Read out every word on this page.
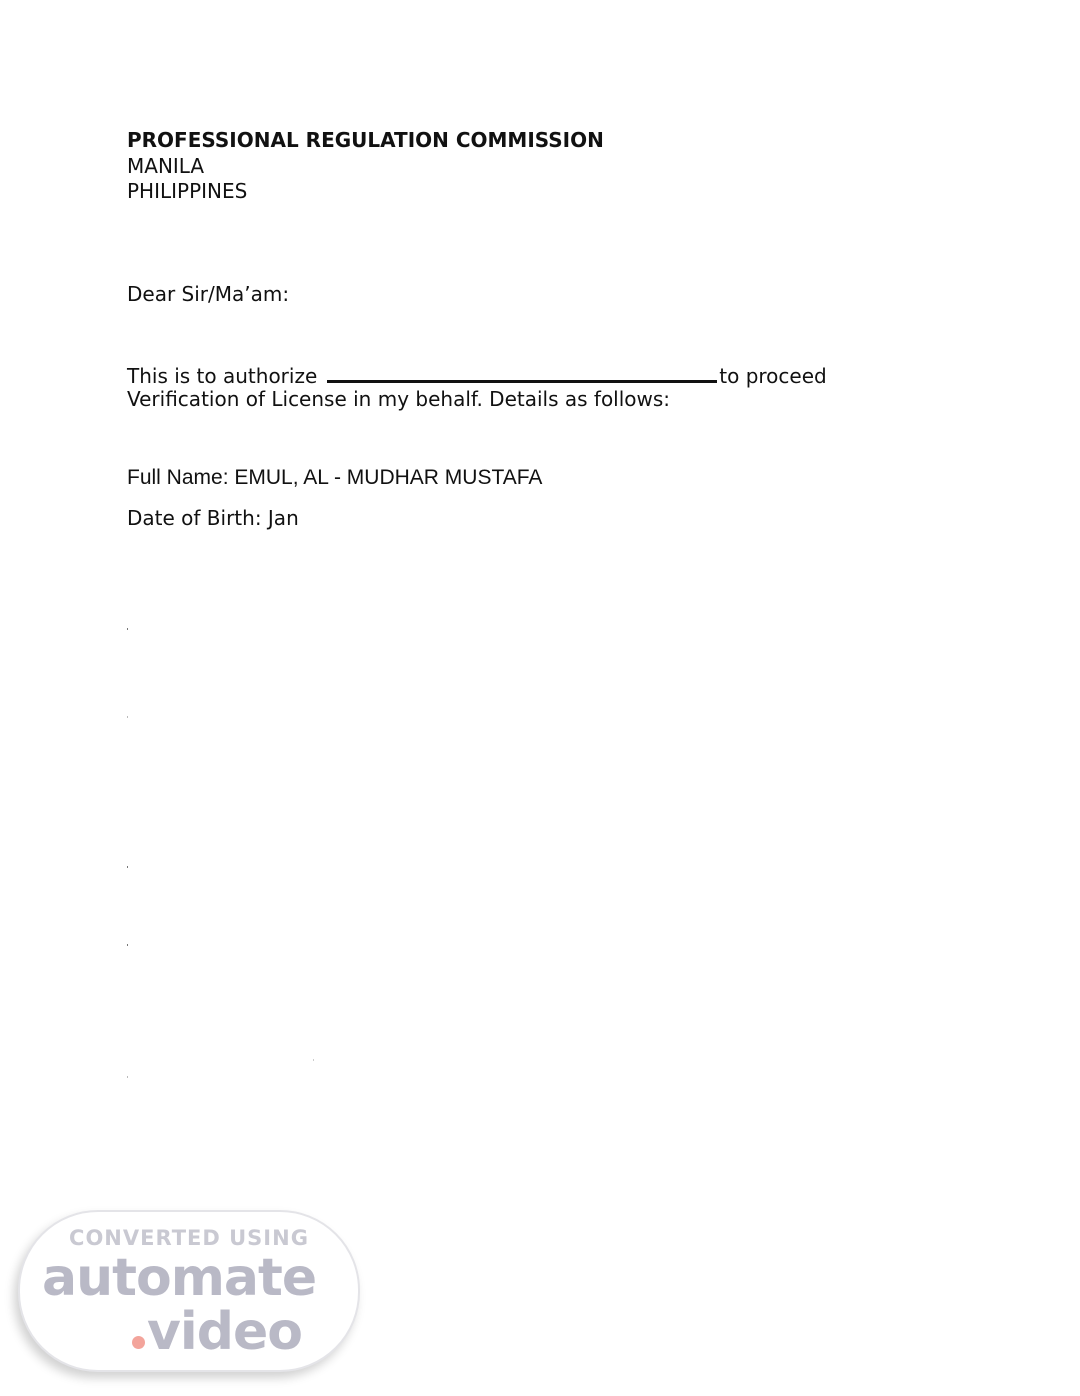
PROFESSIONAL REGULATION COMMISSION
MANILA
PHILIPPINES
Dear Sir/Ma’am:
This is to authorize	to proceed
Verification of License in my behalf. Details as follows:
Full Name: EMUL, AL - MUDHAR MUSTAFA
Date of Birth: Jan
CONVERTED USING
automate
video
